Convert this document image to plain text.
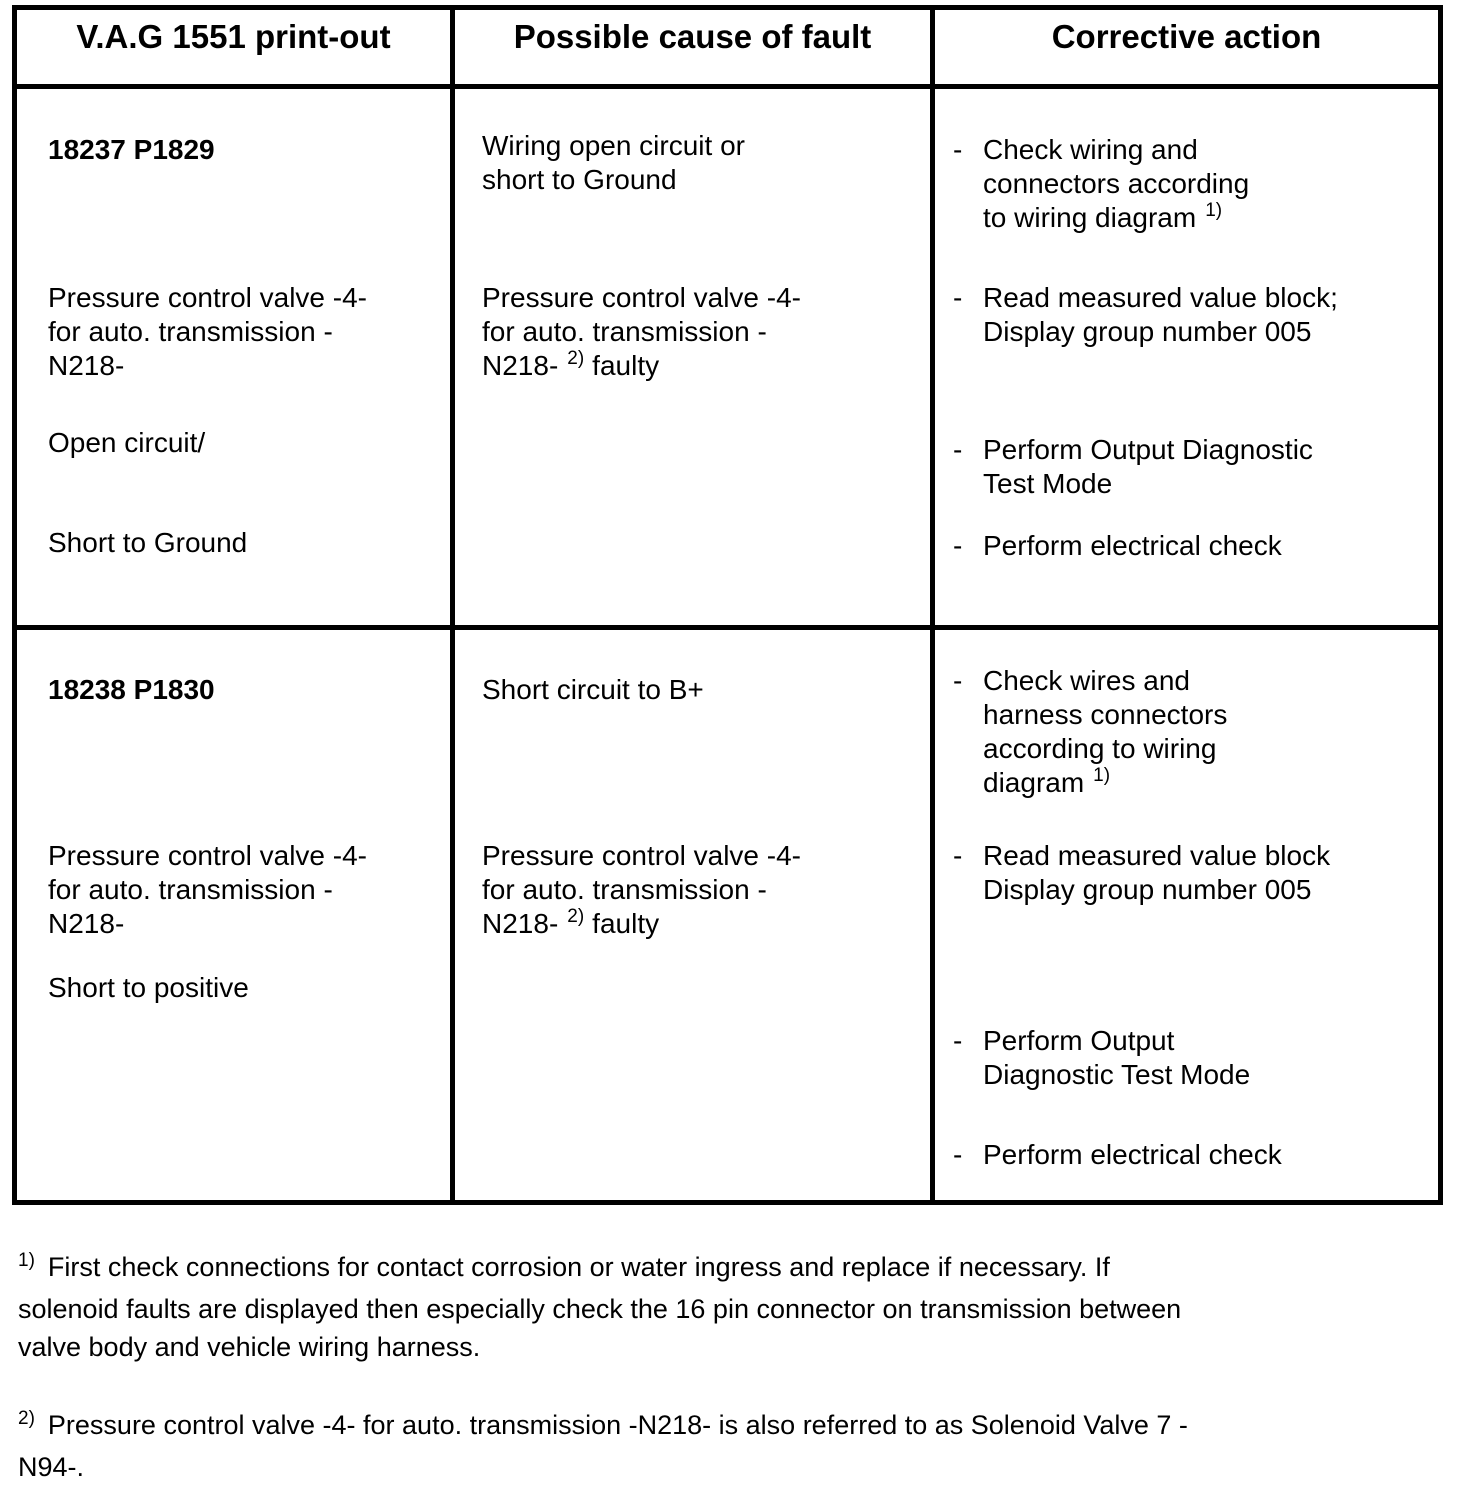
V.A.G 1551 print-out	Possible cause of fault	Corrective action
18237 P1829
Pressure control valve -4-
for auto. transmission -
N218-
Open circuit/
Short to Ground
Wiring open circuit or
short to Ground
Pressure control valve -4-
for auto. transmission -
N218- $^{2)}$ faulty
- Check wiring and
connectors according
to wiring diagram $^{1)}$
- Read measured value block;
Display group number 005
- Perform Output Diagnostic
Test Mode
- Perform electrical check
18238 P1830
Pressure control valve -4-
for auto. transmission -
N218-
Short to positive
Short circuit to B+
Pressure control valve -4-
for auto. transmission -
N218- $^{2)}$ faulty
- Check wires and
harness connectors
according to wiring
diagram $^{1)}$
- Read measured value block
Display group number 005
- Perform Output
Diagnostic Test Mode
- Perform electrical check
$^{1)}$ First check connections for contact corrosion or water ingress and replace if necessary. If
solenoid faults are displayed then especially check the 16 pin connector on transmission between
valve body and vehicle wiring harness.
$^{2)}$ Pressure control valve -4- for auto. transmission -N218- is also referred to as Solenoid Valve 7 -
N94-.
